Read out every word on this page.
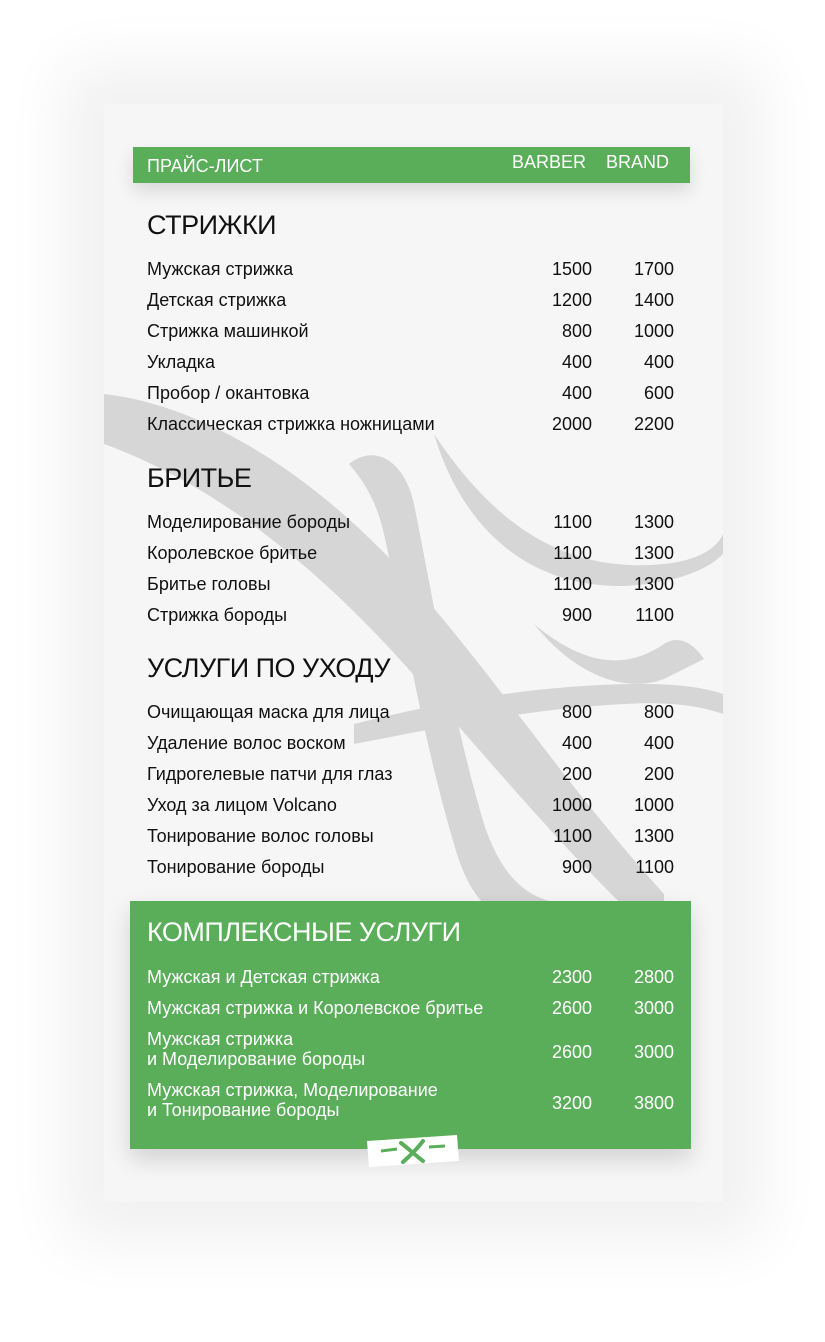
ПРАЙС-ЛИСТ	BARBER BRAND
СТРИЖКИ
Мужская стрижка	1500 1700
Детская стрижка	1200 1400
Стрижка машинкой	800 1000
Укладка	400	400
Пробор / окантовка	400	600
Классическая стрижка ножницами	2000 2200
БРИТЬЕ
Моделирование бороды	1100 1300
Королевское бритье	1100 1300
Бритье головы	1100 1300
Стрижка бороды	900 1100
УСЛУГИ ПО УХОДУ
Очищающая маска для лица	800	800
Удаление волос воском	400	400
Гидрогелевые патчи для глаз	200	200
Уход за лицом Volcano	1000 1000
Тонирование волос головы	1100 1300
Тонирование бороды	900 1100
КОМПЛЕКСНЫЕ УСЛУГИ
Мужская и Детская стрижка	2300 2800
Мужская стрижка и Королевское бритье	2600 3000
Мужская стрижка
и Моделирование бороды	2600 3000
Мужская стрижка, Моделирование
и Тонирование бороды	3200 3800
